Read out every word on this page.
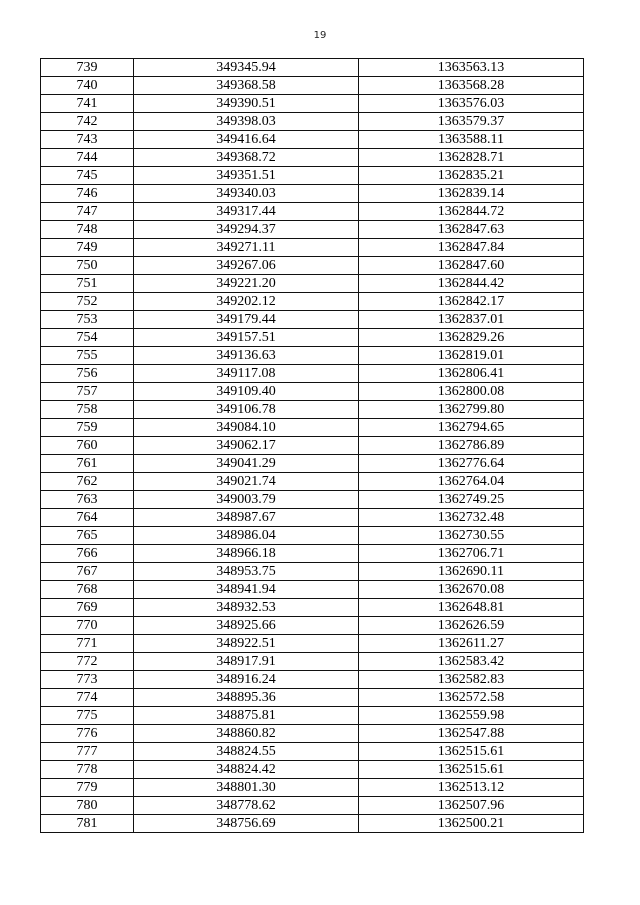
19
739	349345.94	1363563.13
740	349368.58	1363568.28
741	349390.51	1363576.03
742	349398.03	1363579.37
743	349416.64	1363588.11
744	349368.72	1362828.71
745	349351.51	1362835.21
746	349340.03	1362839.14
747	349317.44	1362844.72
748	349294.37	1362847.63
749	349271.11	1362847.84
750	349267.06	1362847.60
751	349221.20	1362844.42
752	349202.12	1362842.17
753	349179.44	1362837.01
754	349157.51	1362829.26
755	349136.63	1362819.01
756	349117.08	1362806.41
757	349109.40	1362800.08
758	349106.78	1362799.80
759	349084.10	1362794.65
760	349062.17	1362786.89
761	349041.29	1362776.64
762	349021.74	1362764.04
763	349003.79	1362749.25
764	348987.67	1362732.48
765	348986.04	1362730.55
766	348966.18	1362706.71
767	348953.75	1362690.11
768	348941.94	1362670.08
769	348932.53	1362648.81
770	348925.66	1362626.59
771	348922.51	1362611.27
772	348917.91	1362583.42
773	348916.24	1362582.83
774	348895.36	1362572.58
775	348875.81	1362559.98
776	348860.82	1362547.88
777	348824.55	1362515.61
778	348824.42	1362515.61
779	348801.30	1362513.12
780	348778.62	1362507.96
781	348756.69	1362500.21
